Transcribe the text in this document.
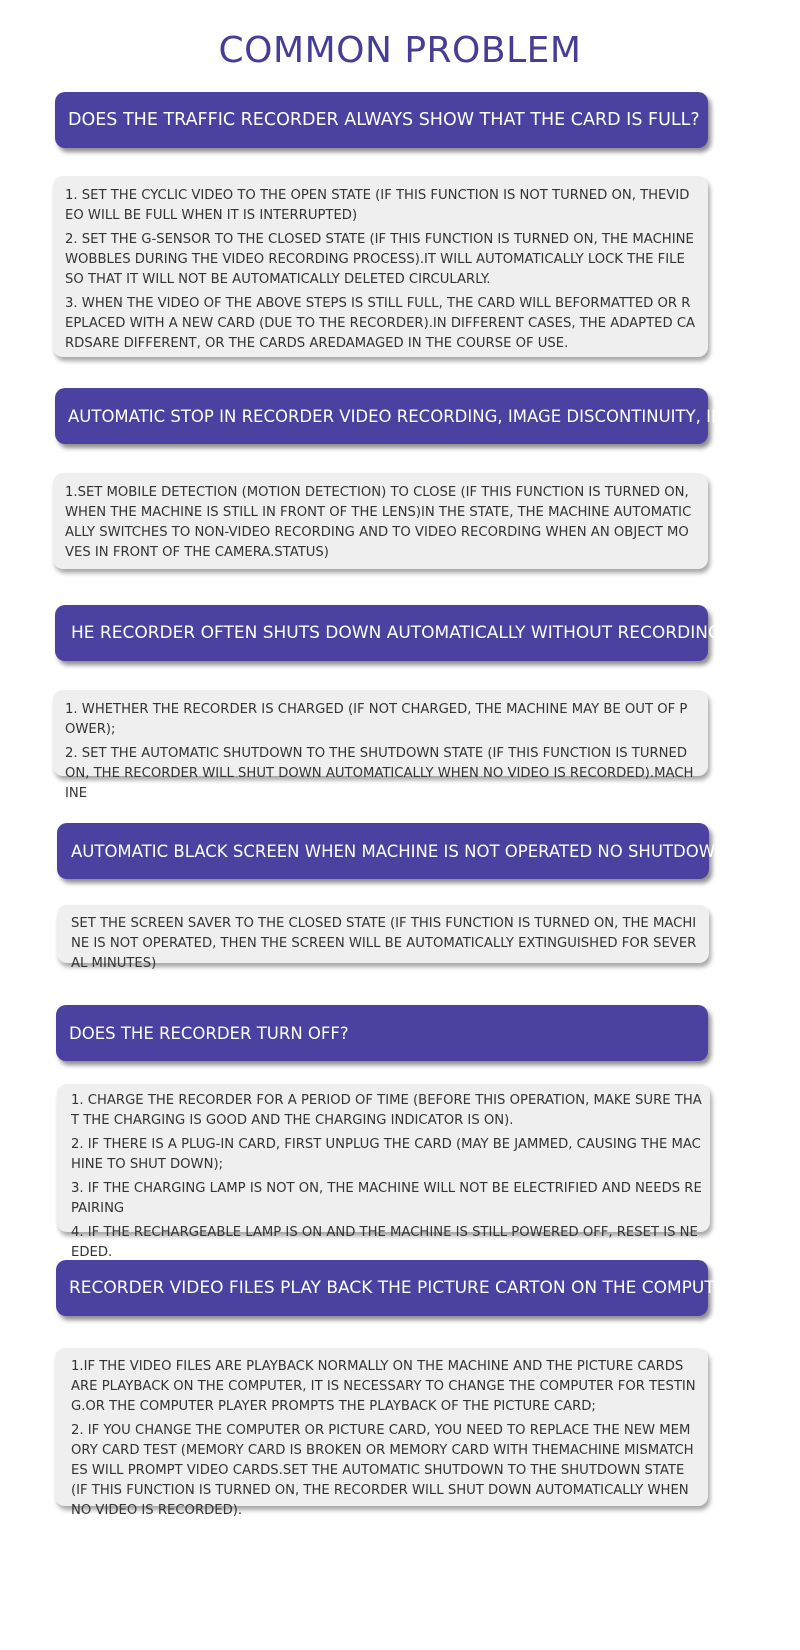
COMMON PROBLEM
DOES THE TRAFFIC RECORDER ALWAYS SHOW THAT THE CARD IS FULL?

1. SET THE CYCLIC VIDEO TO THE OPEN STATE (IF THIS FUNCTION IS NOT TURNED ON, THEVIDEO WILL BE FULL WHEN IT IS INTERRUPTED)

2. SET THE G-SENSOR TO THE CLOSED STATE (IF THIS FUNCTION IS TURNED ON, THE MACHINEWOBBLES DURING THE VIDEO RECORDING PROCESS).IT WILL AUTOMATICALLY LOCK THE FILE SO THAT IT WILL NOT BE AUTOMATICALLY DELETED CIRCULARLY.

3. WHEN THE VIDEO OF THE ABOVE STEPS IS STILL FULL, THE CARD WILL BEFORMATTED OR REPLACED WITH A NEW CARD (DUE TO THE RECORDER).IN DIFFERENT CASES, THE ADAPTED CARDSARE DIFFERENT, OR THE CARDS AREDAMAGED IN THE COURSE OF USE.

AUTOMATIC STOP IN RECORDER VIDEO RECORDING, IMAGE DISCONTINUITY, INTERVAL

1.SET MOBILE DETECTION (MOTION DETECTION) TO CLOSE (IF THIS FUNCTION IS TURNED ON, WHEN THE MACHINE IS STILL IN FRONT OF THE LENS)IN THE STATE, THE MACHINE AUTOMATICALLY SWITCHES TO NON-VIDEO RECORDING AND TO VIDEO RECORDING WHEN AN OBJECT MOVES IN FRONT OF THE CAMERA.STATUS)

HE RECORDER OFTEN SHUTS DOWN AUTOMATICALLY WITHOUT RECORDING.

1. WHETHER THE RECORDER IS CHARGED (IF NOT CHARGED, THE MACHINE MAY BE OUT OF POWER);

2. SET THE AUTOMATIC SHUTDOWN TO THE SHUTDOWN STATE (IF THIS FUNCTION IS TURNED ON, THE RECORDER WILL SHUT DOWN AUTOMATICALLY WHEN NO VIDEO IS RECORDED).MACHINE

AUTOMATIC BLACK SCREEN WHEN MACHINE IS NOT OPERATED NO SHUTDOWN

SET THE SCREEN SAVER TO THE CLOSED STATE (IF THIS FUNCTION IS TURNED ON, THE MACHINE IS NOT OPERATED, THEN THE SCREEN WILL BE AUTOMATICALLY EXTINGUISHED FOR SEVERAL MINUTES)

DOES THE RECORDER TURN OFF?

1. CHARGE THE RECORDER FOR A PERIOD OF TIME (BEFORE THIS OPERATION, MAKE SURE THAT THE CHARGING IS GOOD AND THE CHARGING INDICATOR IS ON).

2. IF THERE IS A PLUG-IN CARD, FIRST UNPLUG THE CARD (MAY BE JAMMED, CAUSING THE MACHINE TO SHUT DOWN);

3. IF THE CHARGING LAMP IS NOT ON, THE MACHINE WILL NOT BE ELECTRIFIED AND NEEDS REPAIRING

4. IF THE RECHARGEABLE LAMP IS ON AND THE MACHINE IS STILL POWERED OFF, RESET IS NEEDED.

RECORDER VIDEO FILES PLAY BACK THE PICTURE CARTON ON THE COMPUTER

1.IF THE VIDEO FILES ARE PLAYBACK NORMALLY ON THE MACHINE AND THE PICTURE CARDS ARE PLAYBACK ON THE COMPUTER, IT IS NECESSARY TO CHANGE THE COMPUTER FOR TESTING.OR THE COMPUTER PLAYER PROMPTS THE PLAYBACK OF THE PICTURE CARD;

2. IF YOU CHANGE THE COMPUTER OR PICTURE CARD, YOU NEED TO REPLACE THE NEW MEMORY CARD TEST (MEMORY CARD IS BROKEN OR MEMORY CARD WITH THEMACHINE MISMATCHES WILL PROMPT VIDEO CARDS.SET THE AUTOMATIC SHUTDOWN TO THE SHUTDOWN STATE (IF THIS FUNCTION IS TURNED ON, THE RECORDER WILL SHUT DOWN AUTOMATICALLY WHEN NO VIDEO IS RECORDED).
